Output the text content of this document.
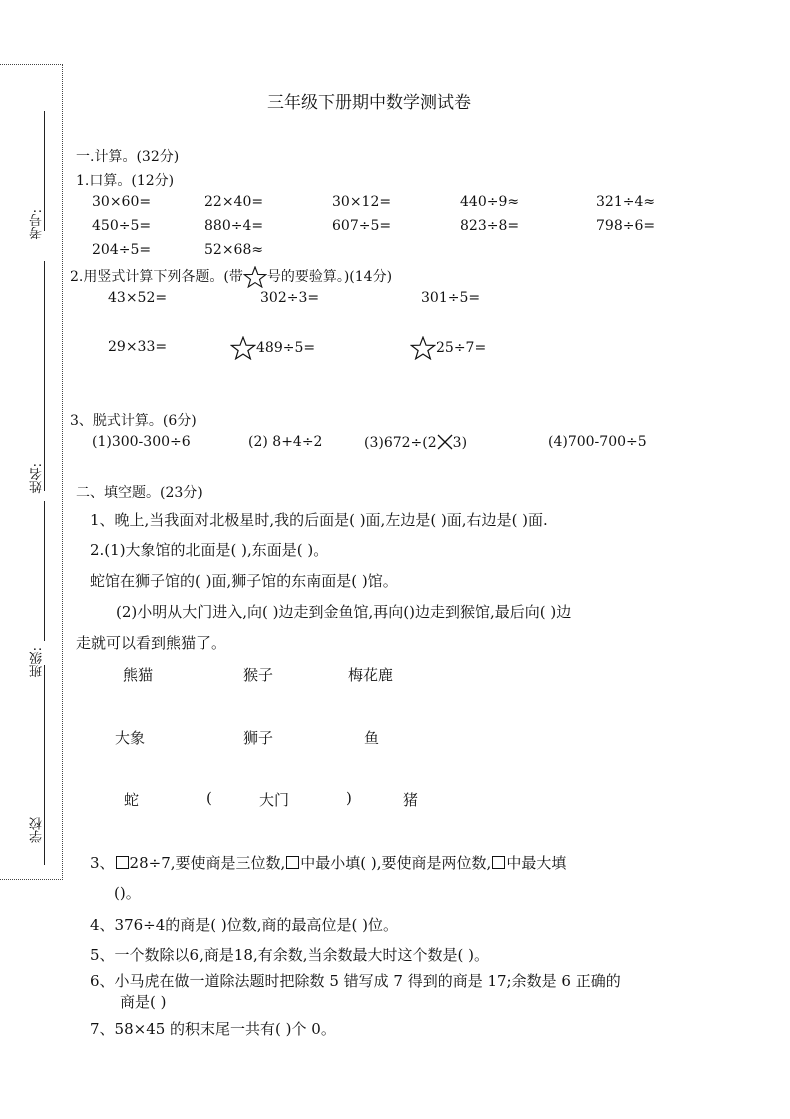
考号:
姓名:
班级:
学校
三年级下册期中数学测试卷
一.计算。(32分)
1.口算。(12分)
30×60=	22×40=	30×12=	440÷9≈	321÷4≈
450÷5=	880÷4=	607÷5=	823÷8=	798÷6=
204÷5=	52×68≈
2.用竖式计算下列各题。(带 号的要验算。)(14分)
43×52=	302÷3=	301÷5=
29×33=	489÷5=	25÷7=
3、脱式计算。(6分)
(1)300-300÷6	(2) 8+4÷2	(3)672÷(2 3)	(4)700-700÷5
二、填空题。(23分)
1、晚上,当我面对北极星时,我的后面是( )面,左边是( )面,右边是( )面.
2.(1)大象馆的北面是( ),东面是( )。
蛇馆在狮子馆的( )面,狮子馆的东南面是( )馆。
(2)小明从大门进入,向( )边走到金鱼馆,再向()边走到猴馆,最后向( )边
走就可以看到熊猫了。
熊猫	猴子	梅花鹿
大象	狮子	鱼
蛇	(	大门	)	猪
3、 28÷7,要使商是三位数, 中最小填( ),要使商是两位数, 中最大填
()。
4、376÷4的商是( )位数,商的最高位是( )位。
5、一个数除以6,商是18,有余数,当余数最大时这个数是( )。
6、小马虎在做一道除法题时把除数 5 错写成 7 得到的商是 17;余数是 6 正确的
商是( )
7、58×45 的积末尾一共有( )个 0。
